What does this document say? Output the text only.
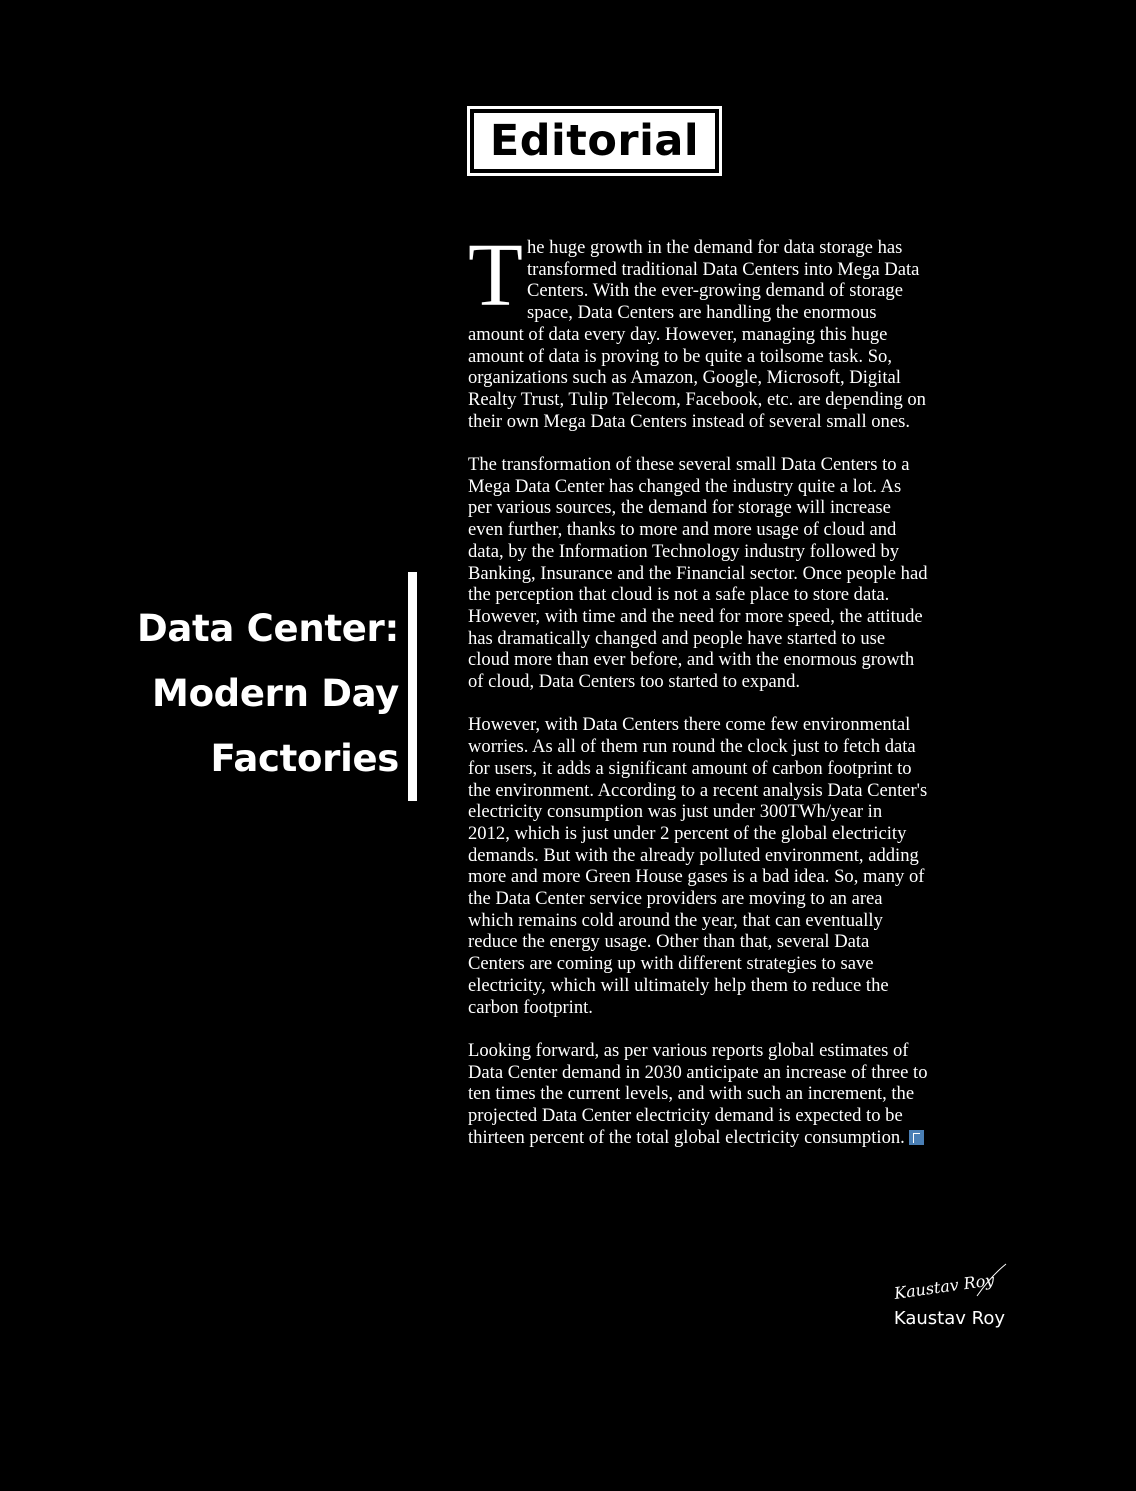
Editorial
Data Center:
Modern Day
Factories

The huge growth in the demand for data storage has transformed traditional Data Centers into Mega Data Centers. With the ever-growing demand of storage space, Data Centers are handling the enormous amount of data every day. However, managing this huge amount of data is proving to be quite a toilsome task. So, organizations such as Amazon, Google, Microsoft, Digital Realty Trust, Tulip Telecom, Facebook, etc. are depending on their own Mega Data Centers instead of several small ones.

The transformation of these several small Data Centers to a Mega Data Center has changed the industry quite a lot. As per various sources, the demand for storage will increase even further, thanks to more and more usage of cloud and data, by the Information Technology industry followed by Banking, Insurance and the Financial sector. Once people had the perception that cloud is not a safe place to store data. However, with time and the need for more speed, the attitude has dramatically changed and people have started to use cloud more than ever before, and with the enormous growth of cloud, Data Centers too started to expand.

However, with Data Centers there come few environmental worries. As all of them run round the clock just to fetch data for users, it adds a significant amount of carbon footprint to the environment. According to a recent analysis Data Center's electricity consumption was just under 300TWh/year in 2012, which is just under 2 percent of the global electricity demands. But with the already polluted environment, adding more and more Green House gases is a bad idea. So, many of the Data Center service providers are moving to an area which remains cold around the year, that can eventually reduce the energy usage. Other than that, several Data Centers are coming up with different strategies to save electricity, which will ultimately help them to reduce the carbon footprint.

Looking forward, as per various reports global estimates of Data Center demand in 2030 anticipate an increase of three to ten times the current levels, and with such an increment, the projected Data Center electricity demand is expected to be thirteen percent of the total global electricity consumption.

Kaustav Roy
Kaustav Roy
